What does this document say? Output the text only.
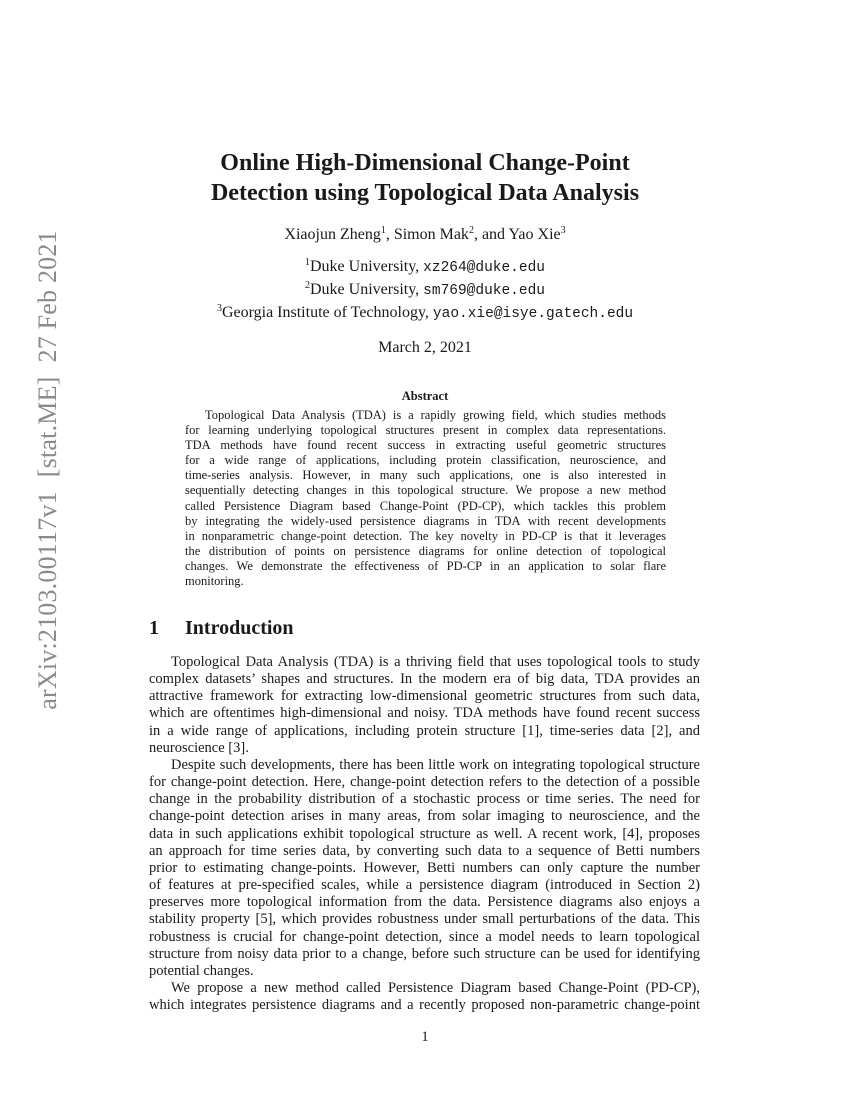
arXiv:2103.00117v1[stat.ME]27 Feb 2021
Online High-Dimensional Change-Point
Detection using Topological Data Analysis
Xiaojun Zheng$^1$, Simon Mak$^2$, and Yao Xie$^3$
$^1$Duke University, xz264@duke.edu
$^2$Duke University, sm769@duke.edu
$^3$Georgia Institute of Technology, yao.xie@isye.gatech.edu
March 2, 2021
Abstract
Topological Data Analysis (TDA) is a rapidly growing field, which studies methods
for learning underlying topological structures present in complex data representations.
TDA methods have found recent success in extracting useful geometric structures
for a wide range of applications, including protein classification, neuroscience, and
time-series analysis. However, in many such applications, one is also interested in
sequentially detecting changes in this topological structure. We propose a new method
called Persistence Diagram based Change-Point (PD-CP), which tackles this problem
by integrating the widely-used persistence diagrams in TDA with recent developments
in nonparametric change-point detection. The key novelty in PD-CP is that it leverages
the distribution of points on persistence diagrams for online detection of topological
changes. We demonstrate the effectiveness of PD-CP in an application to solar flare
monitoring.
1 Introduction
Topological Data Analysis (TDA) is a thriving field that uses topological tools to study
complex datasets’ shapes and structures. In the modern era of big data, TDA provides an
attractive framework for extracting low-dimensional geometric structures from such data,
which are oftentimes high-dimensional and noisy. TDA methods have found recent success
in a wide range of applications, including protein structure [1], time-series data [2], and
neuroscience [3].
Despite such developments, there has been little work on integrating topological structure
for change-point detection. Here, change-point detection refers to the detection of a possible
change in the probability distribution of a stochastic process or time series. The need for
change-point detection arises in many areas, from solar imaging to neuroscience, and the
data in such applications exhibit topological structure as well. A recent work, [4], proposes
an approach for time series data, by converting such data to a sequence of Betti numbers
prior to estimating change-points. However, Betti numbers can only capture the number
of features at pre-specified scales, while a persistence diagram (introduced in Section 2)
preserves more topological information from the data. Persistence diagrams also enjoys a
stability property [5], which provides robustness under small perturbations of the data. This
robustness is crucial for change-point detection, since a model needs to learn topological
structure from noisy data prior to a change, before such structure can be used for identifying
potential changes.
We propose a new method called Persistence Diagram based Change-Point (PD-CP),
which integrates persistence diagrams and a recently proposed non-parametric change-point
1
